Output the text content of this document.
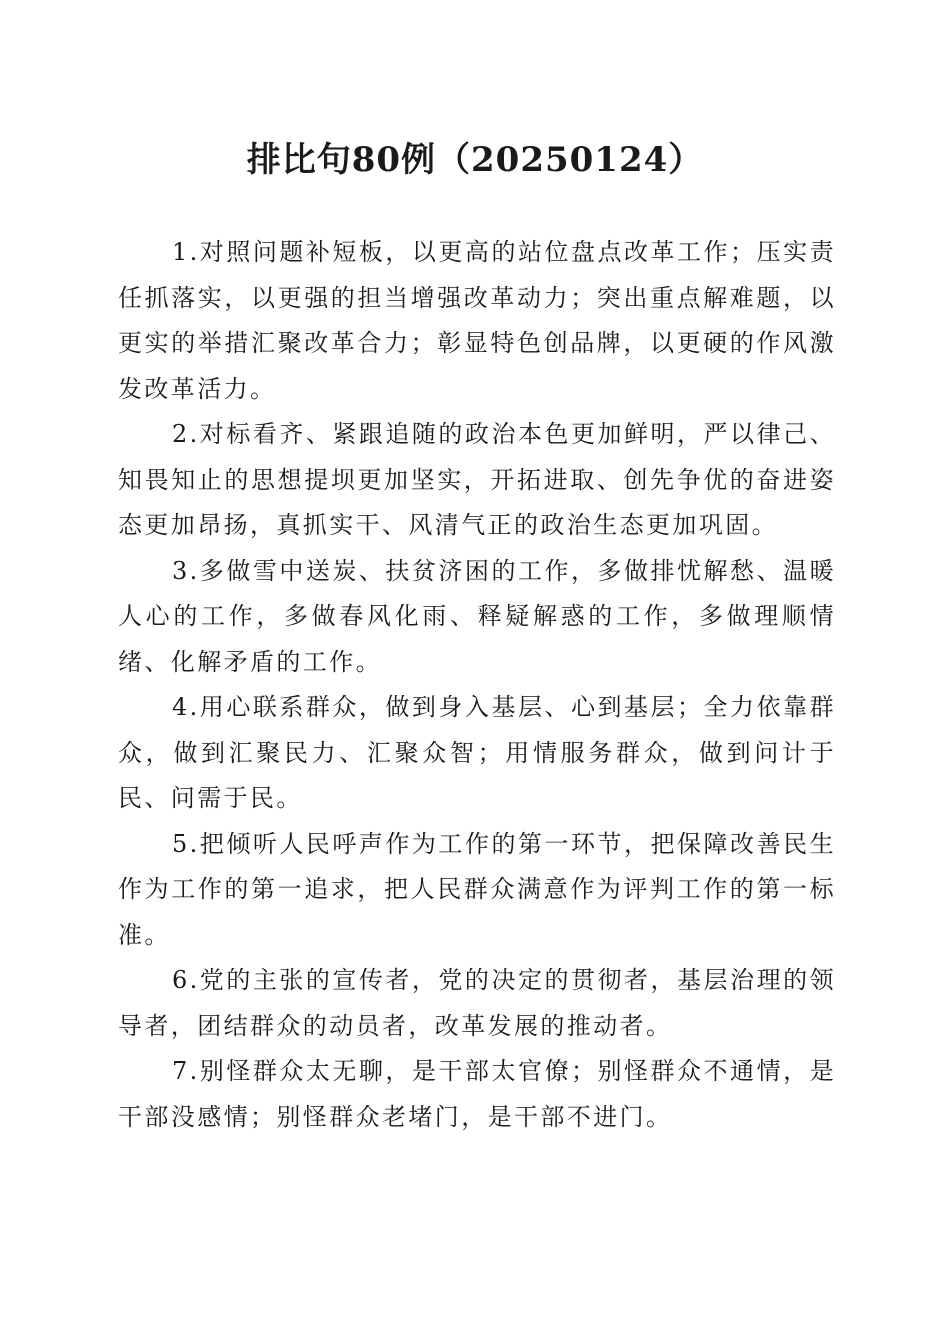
排比句80例（20250124）

1.对照问题补短板，以更高的站位盘点改革工作；压实责任抓落实，以更强的担当增强改革动力；突出重点解难题，以更实的举措汇聚改革合力；彰显特色创品牌，以更硬的作风激发改革活力。

2.对标看齐、紧跟追随的政治本色更加鲜明，严以律己、知畏知止的思想提坝更加坚实，开拓进取、创先争优的奋进姿态更加昂扬，真抓实干、风清气正的政治生态更加巩固。

3.多做雪中送炭、扶贫济困的工作，多做排忧解愁、温暖人心的工作，多做春风化雨、释疑解惑的工作，多做理顺情绪、化解矛盾的工作。

4.用心联系群众，做到身入基层、心到基层；全力依靠群众，做到汇聚民力、汇聚众智；用情服务群众，做到问计于民、问需于民。

5.把倾听人民呼声作为工作的第一环节，把保障改善民生作为工作的第一追求，把人民群众满意作为评判工作的第一标准。

6.党的主张的宣传者，党的决定的贯彻者，基层治理的领导者，团结群众的动员者，改革发展的推动者。

7.别怪群众太无聊，是干部太官僚；别怪群众不通情，是干部没感情；别怪群众老堵门，是干部不进门。
